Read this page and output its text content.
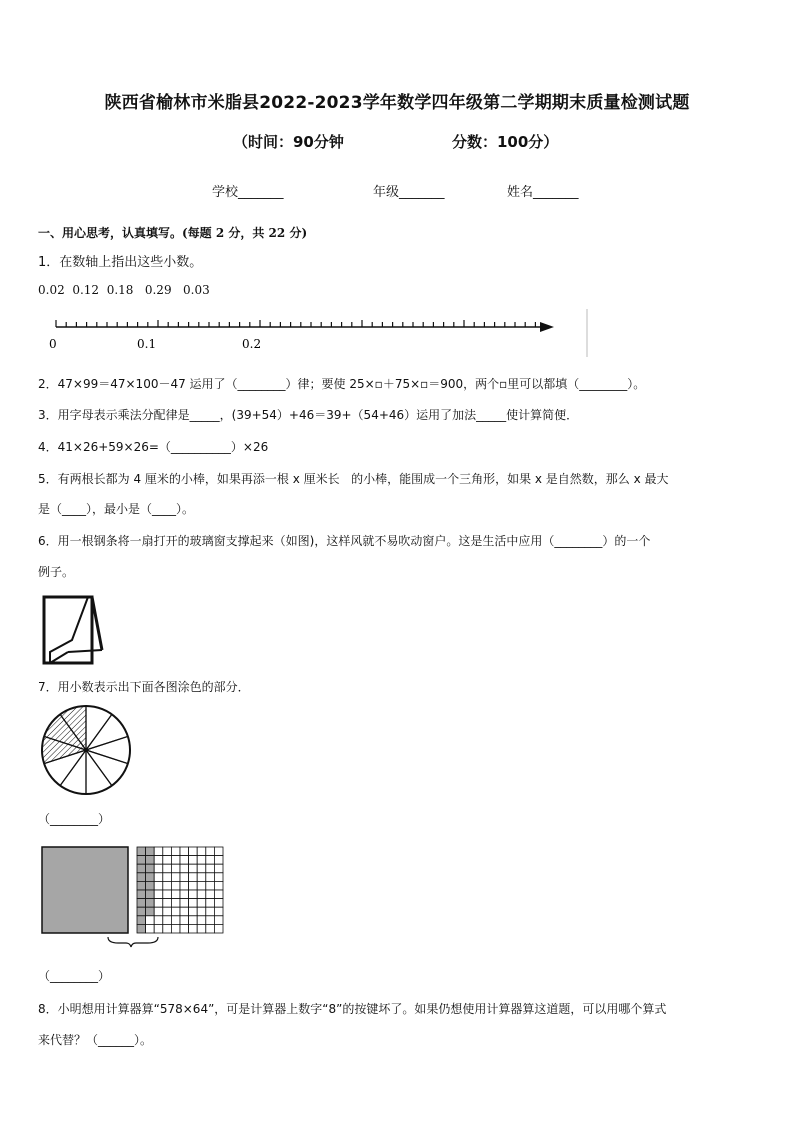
陕西省榆林市米脂县2022-2023学年数学四年级第二学期期末质量检测试题
（时间：90分钟	分数：100分）
学校_______	年级_______	姓名_______
一、用心思考，认真填写。(每题 2 分，共 22 分)
1．在数轴上指出这些小数。
0.02  0.12  0.18   0.29   0.03
0	0.1	0.2
2．47×99＝47×100－47 运用了（________）律；要使 25×▫＋75×▫＝900，两个▫里可以都填（________）。
3．用字母表示乘法分配律是_____，(39+54）+46＝39+（54+46）运用了加法_____使计算简便．
4．41×26+59×26=（__________）×26
5．有两根长都为 4 厘米的小棒，如果再添一根 x 厘米长   的小棒，能围成一个三角形，如果 x 是自然数，那么 x 最大
是（____），最小是（____）。
6．用一根钢条将一扇打开的玻璃窗支撑起来（如图)，这样风就不易吹动窗户。这是生活中应用（________）的一个
例子。
7．用小数表示出下面各图涂色的部分．
（________）
（________）
8．小明想用计算器算“578×64”，可是计算器上数字“8”的按键坏了。如果仍想使用计算器算这道题，可以用哪个算式
来代替？（______）。
